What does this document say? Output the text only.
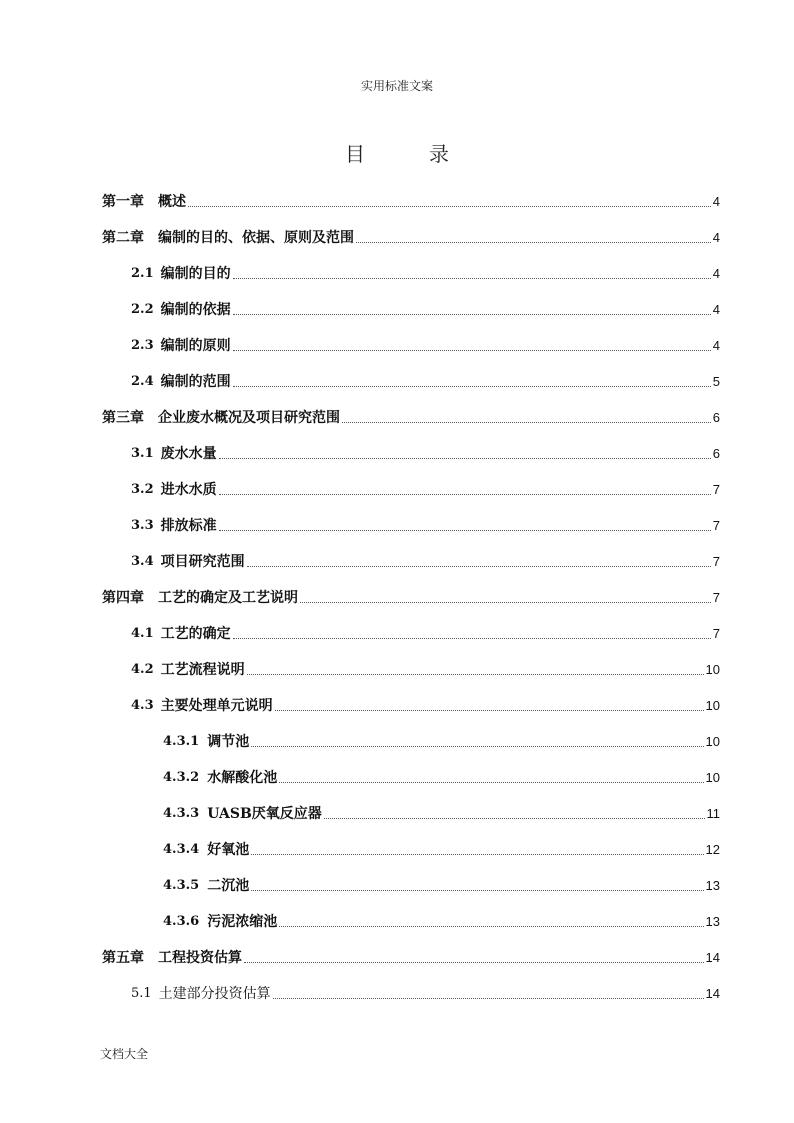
实用标准文案
目	录
第一章 概述	4
第二章 编制的目的、依据、原则及范围	4
2.1 编制的目的	4
2.2 编制的依据	4
2.3 编制的原则	4
2.4 编制的范围	5
第三章 企业废水概况及项目研究范围	6
3.1 废水水量	6
3.2 进水水质	7
3.3 排放标准	7
3.4 项目研究范围	7
第四章 工艺的确定及工艺说明	7
4.1 工艺的确定	7
4.2 工艺流程说明	10
4.3 主要处理单元说明	10
4.3.1 调节池	10
4.3.2 水解酸化池	10
4.3.3 UASB厌氧反应器	11
4.3.4 好氧池	12
4.3.5 二沉池	13
4.3.6 污泥浓缩池	13
第五章 工程投资估算	14
5.1 土建部分投资估算	14
文档大全
